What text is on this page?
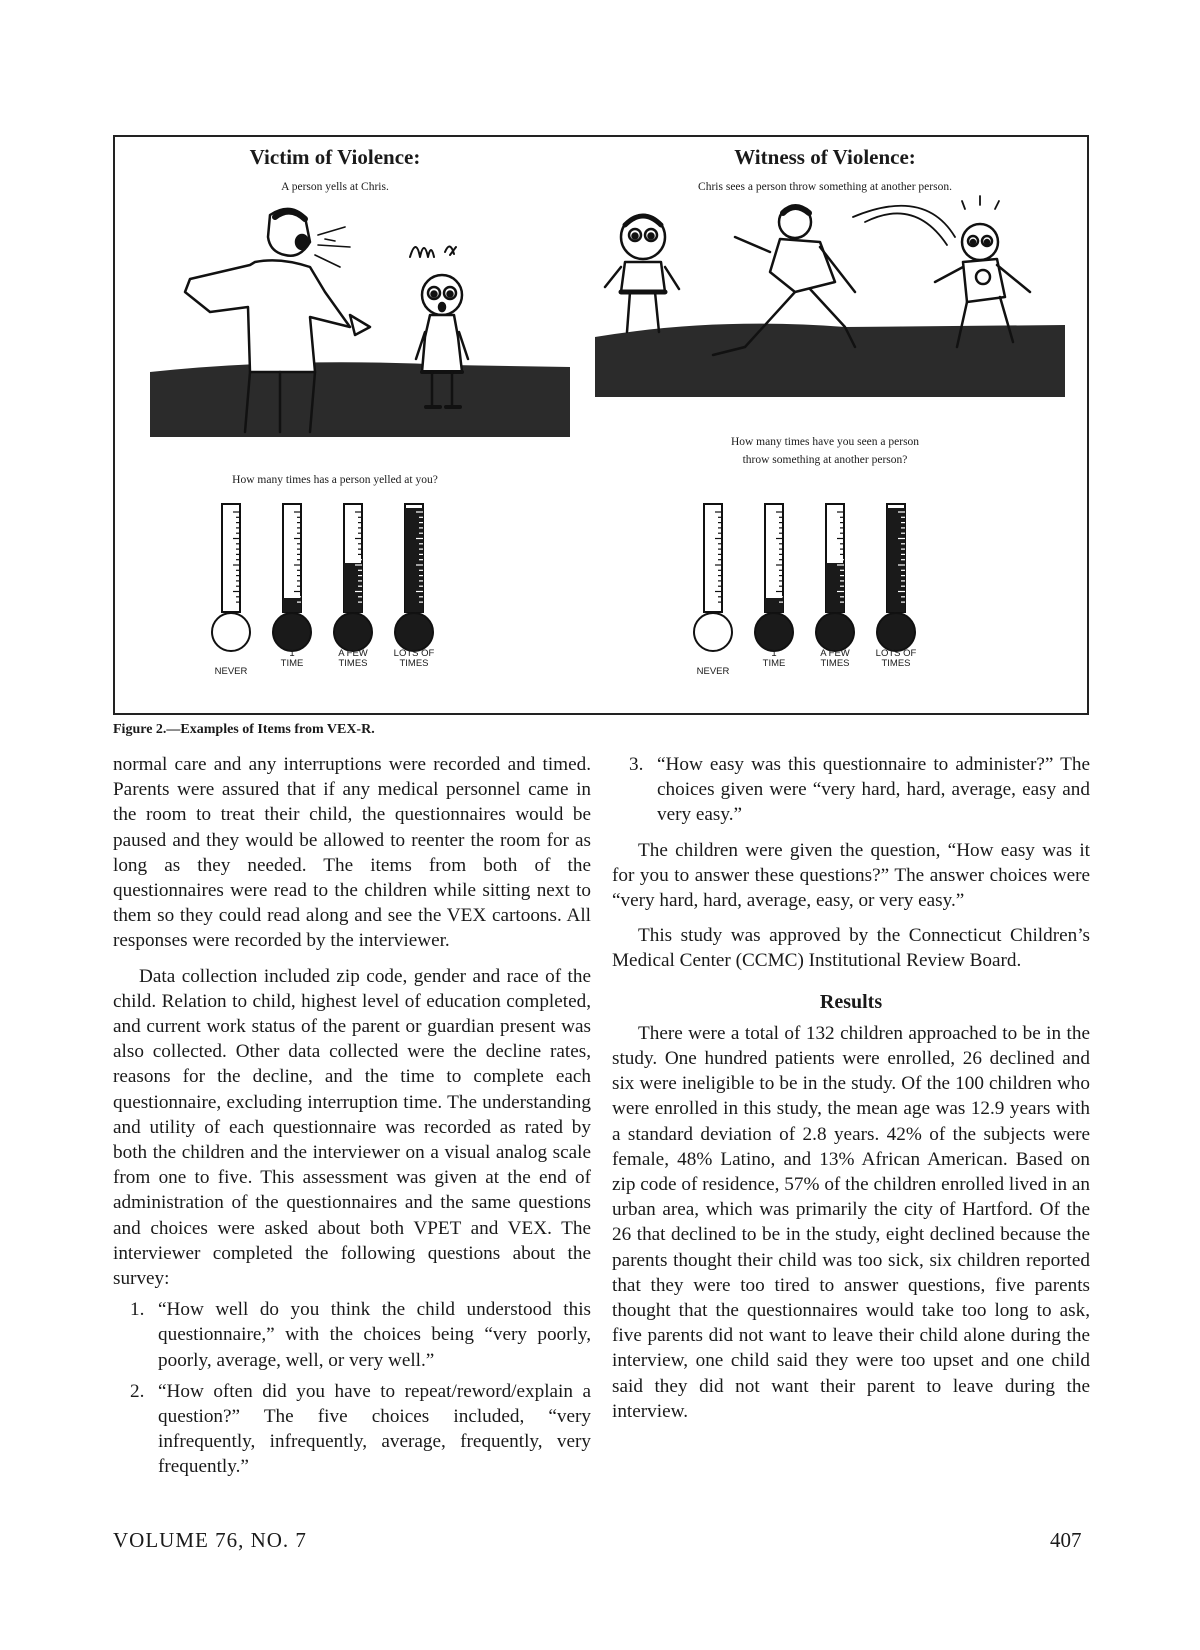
Victim of Violence:
A person yells at Chris.
How many times has a person yelled at you?
Witness of Violence:
Chris sees a person throw something at another person.
How many times have you seen a person
throw something at another person?

NEVER
1
TIME
A FEW
TIMES
LOTS OF
TIMES

NEVER
1
TIME
A FEW
TIMES
LOTS OF
TIMES
Figure 2.—Examples of Items from VEX-R.

normal care and any interruptions were recorded and timed. Parents were assured that if any medical personnel came in the room to treat their child, the questionnaires would be paused and they would be allowed to reenter the room for as long as they needed. The items from both of the questionnaires were read to the children while sitting next to them so they could read along and see the VEX cartoons. All responses were recorded by the interviewer.

Data collection included zip code, gender and race of the child. Relation to child, highest level of education completed, and current work status of the parent or guardian present was also collected. Other data collected were the decline rates, reasons for the decline, and the time to complete each questionnaire, excluding interruption time. The understanding and utility of each questionnaire was recorded as rated by both the children and the interviewer on a visual analog scale from one to five. This assessment was given at the end of administration of the questionnaires and the same questions and choices were asked about both VPET and VEX. The interviewer completed the following questions about the survey:

1. “How well do you think the child understood this questionnaire,” with the choices being “very poorly, poorly, average, well, or very well.”
2. “How often did you have to repeat/reword/explain a question?” The five choices included, “very infrequently, infrequently, average, frequently, very frequently.”
3. “How easy was this questionnaire to administer?” The choices given were “very hard, hard, average, easy and very easy.”

The children were given the question, “How easy was it for you to answer these questions?” The answer choices were “very hard, hard, average, easy, or very easy.”

This study was approved by the Connecticut Children’s Medical Center (CCMC) Institutional Review Board.

Results

There were a total of 132 children approached to be in the study. One hundred patients were enrolled, 26 declined and six were ineligible to be in the study. Of the 100 children who were enrolled in this study, the mean age was 12.9 years with a standard deviation of 2.8 years. 42% of the subjects were female, 48% Latino, and 13% African American. Based on zip code of residence, 57% of the children enrolled lived in an urban area, which was primarily the city of Hartford. Of the 26 that declined to be in the study, eight declined because the parents thought their child was too sick, six children reported that they were too tired to answer questions, five parents thought that the questionnaires would take too long to ask, five parents did not want to leave their child alone during the interview, one child said they were too upset and one child said they did not want their parent to leave during the interview.

VOLUME 76, NO. 7	407
